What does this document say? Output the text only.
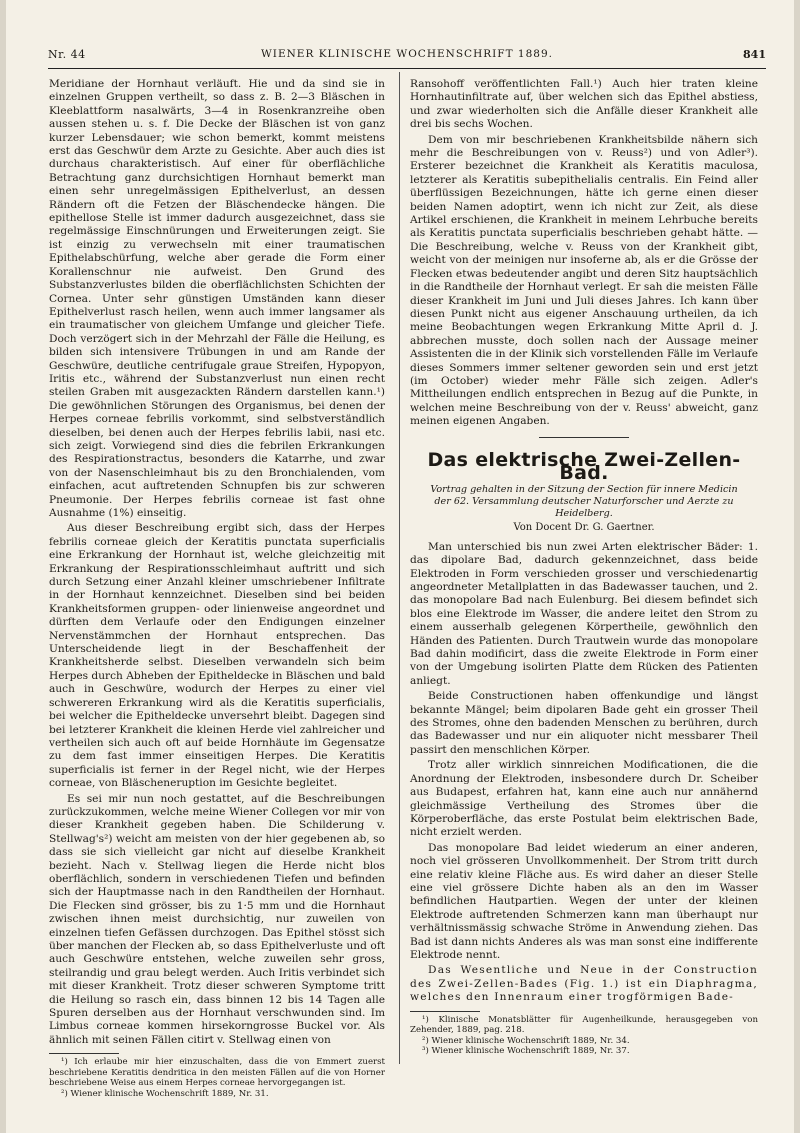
Nr. 44	WIENER KLINISCHE WOCHENSCHRIFT 1889.	841

Meridiane der Hornhaut verläuft. Hie und da sind sie in einzelnen Gruppen vertheilt, so dass z. B. 2—3 Bläschen in Kleeblattform nasalwärts, 3—4 in Rosenkranzreihe oben aussen stehen u. s. f. Die Decke der Bläschen ist von ganz kurzer Lebensdauer; wie schon bemerkt, kommt meistens erst das Geschwür dem Arzte zu Gesichte. Aber auch dies ist durchaus charakteristisch. Auf einer für oberflächliche Betrachtung ganz durchsichtigen Hornhaut bemerkt man einen sehr unregelmässigen Epithelverlust, an dessen Rändern oft die Fetzen der Bläschendecke hängen. Die epithellose Stelle ist immer dadurch ausgezeichnet, dass sie regelmässige Einschnürungen und Erweiterungen zeigt. Sie ist einzig zu verwechseln mit einer traumatischen Epithelabschürfung, welche aber gerade die Form einer Korallenschnur nie aufweist. Den Grund des Substanzverlustes bilden die oberflächlichsten Schichten der Cornea. Unter sehr günstigen Umständen kann dieser Epithelverlust rasch heilen, wenn auch immer langsamer als ein traumatischer von gleichem Umfange und gleicher Tiefe. Doch verzögert sich in der Mehrzahl der Fälle die Heilung, es bilden sich intensivere Trübungen in und am Rande der Geschwüre, deutliche centrifugale graue Streifen, Hypopyon, Iritis etc., während der Substanzverlust nun einen recht steilen Graben mit ausgezackten Rändern darstellen kann.¹) Die gewöhnlichen Störungen des Organismus, bei denen der Herpes corneae febrilis vorkommt, sind selbstverständlich dieselben, bei denen auch der Herpes febrilis labii, nasi etc. sich zeigt. Vorwiegend sind dies die febrilen Erkrankungen des Respirationstractus, besonders die Katarrhe, und zwar von der Nasenschleimhaut bis zu den Bronchialenden, vom einfachen, acut auftretenden Schnupfen bis zur schweren Pneumonie. Der Herpes febrilis corneae ist fast ohne Ausnahme (1%) einseitig.

Aus dieser Beschreibung ergibt sich, dass der Herpes febrilis corneae gleich der Keratitis punctata superficialis eine Erkrankung der Hornhaut ist, welche gleichzeitig mit Erkrankung der Respirationsschleimhaut auftritt und sich durch Setzung einer Anzahl kleiner umschriebener Infiltrate in der Hornhaut kennzeichnet. Dieselben sind bei beiden Krankheitsformen gruppen- oder linienweise angeordnet und dürften dem Verlaufe oder den Endigungen einzelner Nervenstämmchen der Hornhaut entsprechen. Das Unterscheidende liegt in der Beschaffenheit der Krankheitsherde selbst. Dieselben verwandeln sich beim Herpes durch Abheben der Epitheldecke in Bläschen und bald auch in Geschwüre, wodurch der Herpes zu einer viel schwereren Erkrankung wird als die Keratitis superficialis, bei welcher die Epitheldecke unversehrt bleibt. Dagegen sind bei letzterer Krankheit die kleinen Herde viel zahlreicher und vertheilen sich auch oft auf beide Hornhäute im Gegensatze zu dem fast immer einseitigen Herpes. Die Keratitis superficialis ist ferner in der Regel nicht, wie der Herpes corneae, von Bläscheneruption im Gesichte begleitet.

Es sei mir nun noch gestattet, auf die Beschreibungen zurückzukommen, welche meine Wiener Collegen vor mir von dieser Krankheit gegeben haben. Die Schilderung v. Stellwag's²) weicht am meisten von der hier gegebenen ab, so dass sie sich vielleicht gar nicht auf dieselbe Krankheit bezieht. Nach v. Stellwag liegen die Herde nicht blos oberflächlich, sondern in verschiedenen Tiefen und befinden sich der Hauptmasse nach in den Randtheilen der Hornhaut. Die Flecken sind grösser, bis zu 1·5 mm und die Hornhaut zwischen ihnen meist durchsichtig, nur zuweilen von einzelnen tiefen Gefässen durchzogen. Das Epithel stösst sich über manchen der Flecken ab, so dass Epithelverluste und oft auch Geschwüre entstehen, welche zuweilen sehr gross, steilrandig und grau belegt werden. Auch Iritis verbindet sich mit dieser Krankheit. Trotz dieser schweren Symptome tritt die Heilung so rasch ein, dass binnen 12 bis 14 Tagen alle Spuren derselben aus der Hornhaut verschwunden sind. Im Limbus corneae kommen hirsekorngrosse Buckel vor. Als ähnlich mit seinen Fällen citirt v. Stellwag einen von

¹) Ich erlaube mir hier einzuschalten, dass die von Emmert zuerst beschriebene Keratitis dendritica in den meisten Fällen auf die von Horner beschriebene Weise aus einem Herpes corneae hervorgegangen ist.

²) Wiener klinische Wochenschrift 1889, Nr. 31.

Ransohoff veröffentlichten Fall.¹) Auch hier traten kleine Hornhautinfiltrate auf, über welchen sich das Epithel abstiess, und zwar wiederholten sich die Anfälle dieser Krankheit alle drei bis sechs Wochen.

Dem von mir beschriebenen Krankheitsbilde nähern sich mehr die Beschreibungen von v. Reuss²) und von Adler³). Ersterer bezeichnet die Krankheit als Keratitis maculosa, letzterer als Keratitis subepithelialis centralis. Ein Feind aller überflüssigen Bezeichnungen, hätte ich gerne einen dieser beiden Namen adoptirt, wenn ich nicht zur Zeit, als diese Artikel erschienen, die Krankheit in meinem Lehrbuche bereits als Keratitis punctata superficialis beschrieben gehabt hätte. — Die Beschreibung, welche v. Reuss von der Krankheit gibt, weicht von der meinigen nur insoferne ab, als er die Grösse der Flecken etwas bedeutender angibt und deren Sitz hauptsächlich in die Randtheile der Hornhaut verlegt. Er sah die meisten Fälle dieser Krankheit im Juni und Juli dieses Jahres. Ich kann über diesen Punkt nicht aus eigener Anschauung urtheilen, da ich meine Beobachtungen wegen Erkrankung Mitte April d. J. abbrechen musste, doch sollen nach der Aussage meiner Assistenten die in der Klinik sich vorstellenden Fälle im Verlaufe dieses Sommers immer seltener geworden sein und erst jetzt (im October) wieder mehr Fälle sich zeigen. Adler's Mittheilungen endlich entsprechen in Bezug auf die Punkte, in welchen meine Beschreibung von der v. Reuss' abweicht, ganz meinen eigenen Angaben.

Das elektrische Zwei-Zellen-Bad.
Vortrag gehalten in der Sitzung der Section für innere Medicin der 62. Versammlung deutscher Naturforscher und Aerzte zu Heidelberg.
Von Docent Dr. G. Gaertner.

Man unterschied bis nun zwei Arten elektrischer Bäder: 1. das dipolare Bad, dadurch gekennzeichnet, dass beide Elektroden in Form verschieden grosser und verschiedenartig angeordneter Metallplatten in das Badewasser tauchen, und 2. das monopolare Bad nach Eulenburg. Bei diesem befindet sich blos eine Elektrode im Wasser, die andere leitet den Strom zu einem ausserhalb gelegenen Körpertheile, gewöhnlich den Händen des Patienten. Durch Trautwein wurde das monopolare Bad dahin modificirt, dass die zweite Elektrode in Form einer von der Umgebung isolirten Platte dem Rücken des Patienten anliegt.

Beide Constructionen haben offenkundige und längst bekannte Mängel; beim dipolaren Bade geht ein grosser Theil des Stromes, ohne den badenden Menschen zu berühren, durch das Badewasser und nur ein aliquoter nicht messbarer Theil passirt den menschlichen Körper.

Trotz aller wirklich sinnreichen Modificationen, die die Anordnung der Elektroden, insbesondere durch Dr. Scheiber aus Budapest, erfahren hat, kann eine auch nur annähernd gleichmässige Vertheilung des Stromes über die Körperoberfläche, das erste Postulat beim elektrischen Bade, nicht erzielt werden.

Das monopolare Bad leidet wiederum an einer anderen, noch viel grösseren Unvollkommenheit. Der Strom tritt durch eine relativ kleine Fläche aus. Es wird daher an dieser Stelle eine viel grössere Dichte haben als an den im Wasser befindlichen Hautpartien. Wegen der unter der kleinen Elektrode auftretenden Schmerzen kann man überhaupt nur verhältnissmässig schwache Ströme in Anwendung ziehen. Das Bad ist dann nichts Anderes als was man sonst eine indifferente Elektrode nennt.

Das Wesentliche und Neue in der Construction des Zwei-Zellen-Bades (Fig. 1.) ist ein Diaphragma, welches den Innenraum einer trogförmigen Bade-

¹) Klinische Monatsblätter für Augenheilkunde, herausgegeben von Zehender, 1889, pag. 218.

²) Wiener klinische Wochenschrift 1889, Nr. 34.

³) Wiener klinische Wochenschrift 1889, Nr. 37.
